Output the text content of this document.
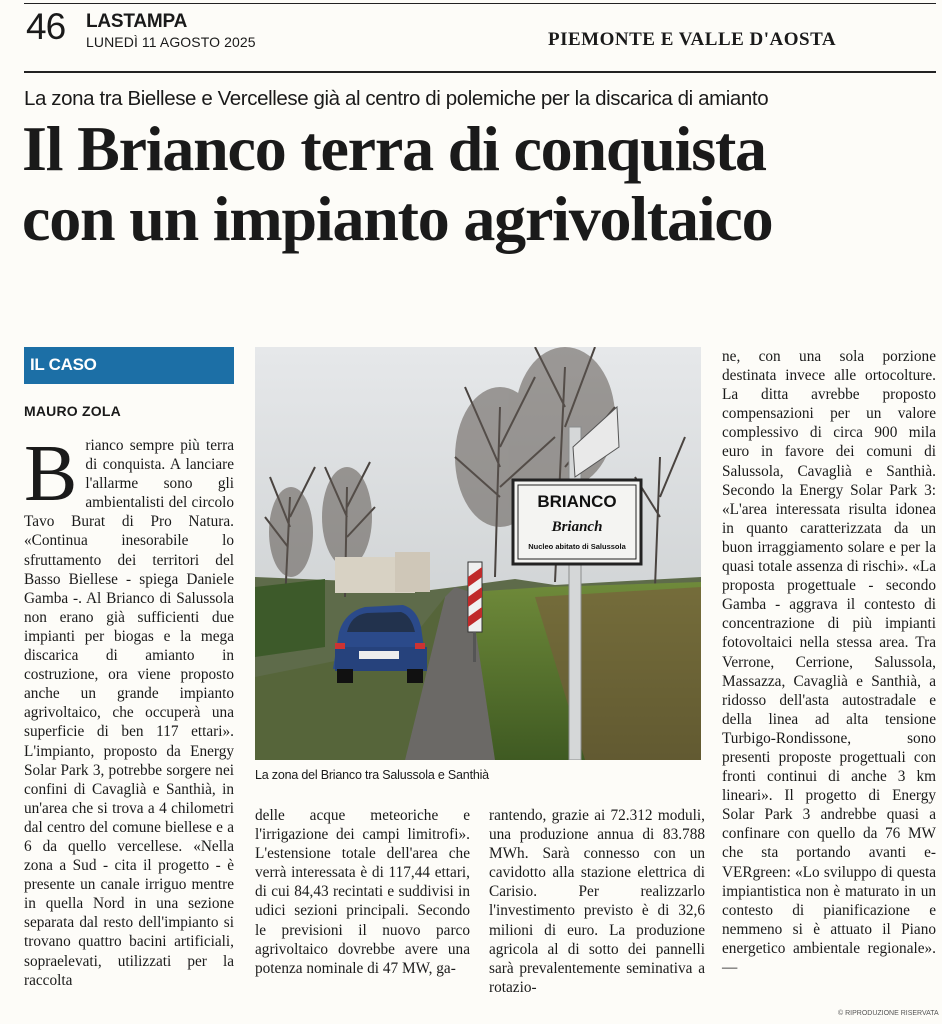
46 LASTAMPA
LUNEDÌ 11 AGOSTO 2025	PIEMONTE E VALLE D'AOSTA
La zona tra Biellese e Vercellese già al centro di polemiche per la discarica di amianto
Il Brianco terra di conquista
con un impianto agrivoltaico
IL CASO
MAURO ZOLA
Brianco sempre più terra di conquista. A lanciare l'allarme sono gli ambientalisti del circolo Tavo Burat di Pro Natura. «Continua inesorabile lo sfruttamento dei territori del Basso Biellese - spiega Daniele Gamba -. Al Brianco di Salussola non erano già sufficienti due impianti per biogas e la mega discarica di amianto in costruzione, ora viene proposto anche un grande impianto agrivoltaico, che occuperà una superficie di ben 117 ettari». L'impianto, proposto da Energy Solar Park 3, potrebbe sorgere nei confini di Cavaglià e Santhià, in un'area che si trova a 4 chilometri dal centro del comune biellese e a 6 da quello vercellese. «Nella zona a Sud - cita il progetto - è presente un canale irriguo mentre in quella Nord in una sezione separata dal resto dell'impianto si trovano quattro bacini artificiali, sopraelevati, utilizzati per la raccolta
BRIANCO
Brianch
Nucleo abitato di Salussola
La zona del Brianco tra Salussola e Santhià
delle acque meteoriche e l'irrigazione dei campi limitrofi». L'estensione totale dell'area che verrà interessata è di 117,44 ettari, di cui 84,43 recintati e suddivisi in udici sezioni principali. Secondo le previsioni il nuovo parco agrivoltaico dovrebbe avere una potenza nominale di 47 MW, ga-
rantendo, grazie ai 72.312 moduli, una produzione annua di 83.788 MWh. Sarà connesso con un cavidotto alla stazione elettrica di Carisio. Per realizzarlo l'investimento previsto è di 32,6 milioni di euro. La produzione agricola al di sotto dei pannelli sarà prevalentemente seminativa a rotazio-
ne, con una sola porzione destinata invece alle ortocolture. La ditta avrebbe proposto compensazioni per un valore complessivo di circa 900 mila euro in favore dei comuni di Salussola, Cavaglià e Santhià. Secondo la Energy Solar Park 3: «L'area interessata risulta idonea in quanto caratterizzata da un buon irraggiamento solare e per la quasi totale assenza di rischi». «La proposta progettuale - secondo Gamba - aggrava il contesto di concentrazione di più impianti fotovoltaici nella stessa area. Tra Verrone, Cerrione, Salussola, Massazza, Cavaglià e Santhià, a ridosso dell'asta autostradale e della linea ad alta tensione Turbigo-Rondissone, sono presenti proposte progettuali con fronti continui di anche 3 km lineari». Il progetto di Energy Solar Park 3 andrebbe quasi a confinare con quello da 76 MW che sta portando avanti e-VERgreen: «Lo sviluppo di questa impiantistica non è maturato in un contesto di pianificazione e nemmeno si è attuato il Piano energetico ambientale regionale». —
© RIPRODUZIONE RISERVATA
